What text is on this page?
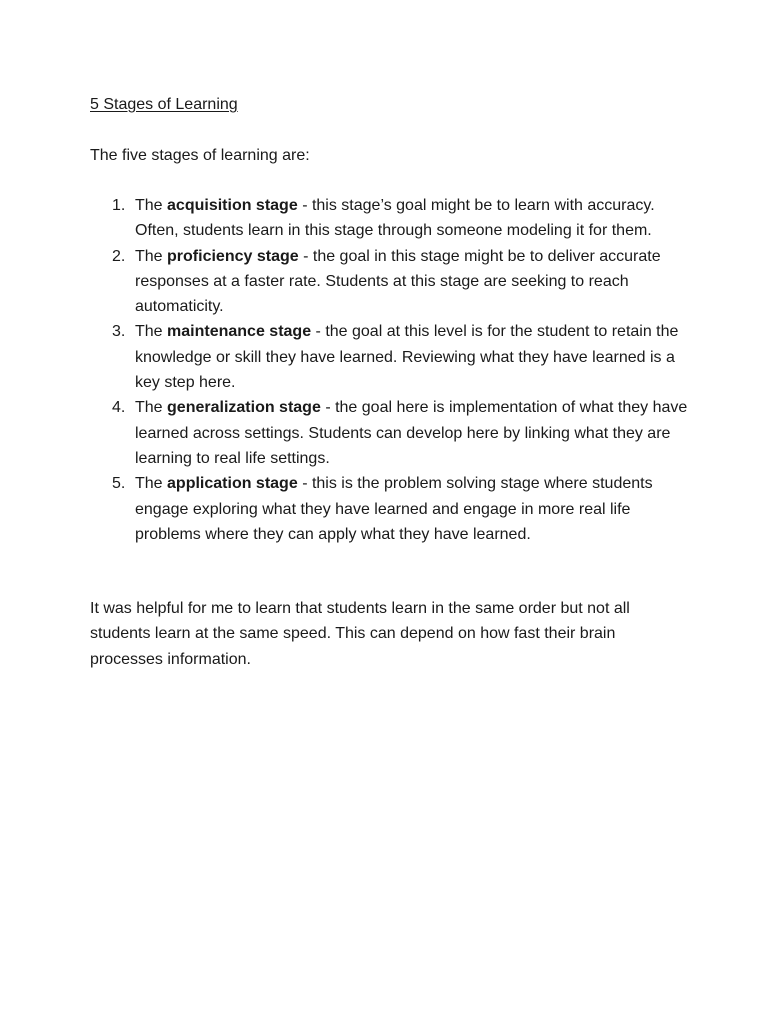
5 Stages of Learning

The five stages of learning are:

1. The acquisition stage - this stage’s goal might be to learn with accuracy. Often, students learn in this stage through someone modeling it for them.
2. The proficiency stage - the goal in this stage might be to deliver accurate responses at a faster rate. Students at this stage are seeking to reach automaticity.
3. The maintenance stage - the goal at this level is for the student to retain the knowledge or skill they have learned. Reviewing what they have learned is a key step here.
4. The generalization stage - the goal here is implementation of what they have learned across settings. Students can develop here by linking what they are learning to real life settings.
5. The application stage - this is the problem solving stage where students engage exploring what they have learned and engage in more real life problems where they can apply what they have learned.

It was helpful for me to learn that students learn in the same order but not all students learn at the same speed. This can depend on how fast their brain processes information.
